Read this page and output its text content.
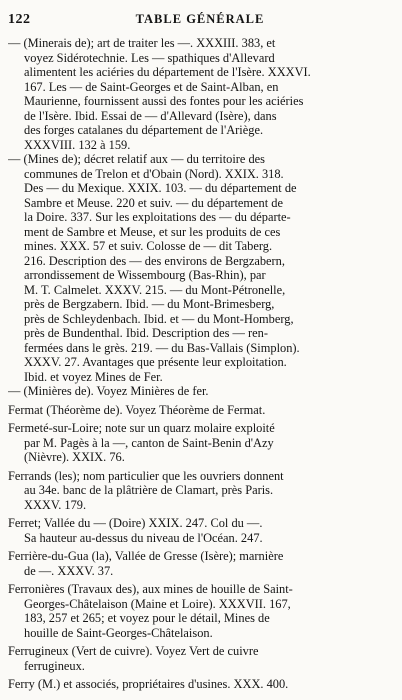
122	TABLE GÉNÉRALE
— (Minerais de); art de traiter les —. XXXIII. 383, et
voyez Sidérotechnie. Les — spathiques d'Allevard
alimentent les aciéries du département de l'Isère. XXXVI.
167. Les — de Saint-Georges et de Saint-Alban, en
Maurienne, fournissent aussi des fontes pour les aciéries
de l'Isère. Ibid. Essai de — d'Allevard (Isère), dans
des forges catalanes du département de l'Ariège.
XXXVIII. 132 à 159.
— (Mines de); décret relatif aux — du territoire des
communes de Trelon et d'Obain (Nord). XXIX. 318.
Des — du Mexique. XXIX. 103. — du département de
Sambre et Meuse. 220 et suiv. — du département de
la Doire. 337. Sur les exploitations des — du départe-
ment de Sambre et Meuse, et sur les produits de ces
mines. XXX. 57 et suiv. Colosse de — dit Taberg.
216. Description des — des environs de Bergzabern,
arrondissement de Wissembourg (Bas-Rhin), par
M. T. Calmelet. XXXV. 215. — du Mont-Pétronelle,
près de Bergzabern. Ibid. — du Mont-Brimesberg,
près de Schleydenbach. Ibid. et — du Mont-Homberg,
près de Bundenthal. Ibid. Description des — ren-
fermées dans le grès. 219. — du Bas-Vallais (Simplon).
XXXV. 27. Avantages que présente leur exploitation.
Ibid. et voyez Mines de Fer.
— (Minières de). Voyez Minières de fer.
Fermat (Théorème de). Voyez Théorème de Fermat.
Fermeté-sur-Loire; note sur un quarz molaire exploité
par M. Pagès à la —, canton de Saint-Benin d'Azy
(Nièvre). XXIX. 76.
Ferrands (les); nom particulier que les ouvriers donnent
au 34e. banc de la plâtrière de Clamart, près Paris.
XXXV. 179.
Ferret; Vallée du — (Doire) XXIX. 247. Col du —.
Sa hauteur au-dessus du niveau de l'Océan. 247.
Ferrière-du-Gua (la), Vallée de Gresse (Isère); marnière
de —. XXXV. 37.
Ferronières (Travaux des), aux mines de houille de Saint-
Georges-Châtelaison (Maine et Loire). XXXVII. 167,
183, 257 et 265; et voyez pour le détail, Mines de
houille de Saint-Georges-Châtelaison.
Ferrugineux (Vert de cuivre). Voyez Vert de cuivre
ferrugineux.
Ferry (M.) et associés, propriétaires d'usines. XXX. 400.
